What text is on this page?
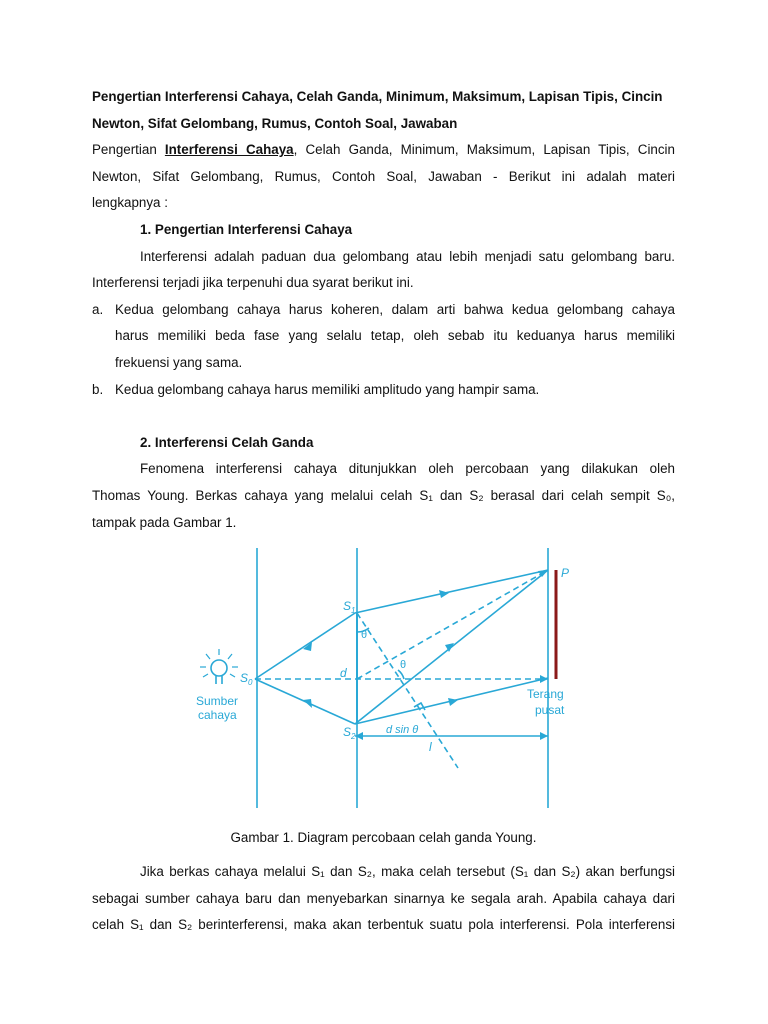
Pengertian Interferensi Cahaya, Celah Ganda, Minimum, Maksimum, Lapisan Tipis, Cincin
Newton, Sifat Gelombang, Rumus, Contoh Soal, Jawaban
Pengertian Interferensi Cahaya, Celah Ganda, Minimum, Maksimum, Lapisan Tipis, Cincin
Newton, Sifat Gelombang, Rumus, Contoh Soal, Jawaban - Berikut ini adalah materi
lengkapnya :
1. Pengertian Interferensi Cahaya
Interferensi adalah paduan dua gelombang atau lebih menjadi satu gelombang baru.
Interferensi terjadi jika terpenuhi dua syarat berikut ini.
a. Kedua gelombang cahaya harus koheren, dalam arti bahwa kedua gelombang cahaya
harus memiliki beda fase yang selalu tetap, oleh sebab itu keduanya harus memiliki
frekuensi yang sama.
b. Kedua gelombang cahaya harus memiliki amplitudo yang hampir sama.
2. Interferensi Celah Ganda
Fenomena interferensi cahaya ditunjukkan oleh percobaan yang dilakukan oleh
Thomas Young. Berkas cahaya yang melalui celah S₁ dan S₂ berasal dari celah sempit S₀,
tampak pada Gambar 1.
$S_0$
$S_1$
$S_2$
d
θ
θ
d sin θ
l
P
Terang
pusat
Sumber
cahaya
Gambar 1. Diagram percobaan celah ganda Young.
Jika berkas cahaya melalui S₁ dan S₂, maka celah tersebut (S₁ dan S₂) akan berfungsi
sebagai sumber cahaya baru dan menyebarkan sinarnya ke segala arah. Apabila cahaya dari
celah S₁ dan S₂ berinterferensi, maka akan terbentuk suatu pola interferensi. Pola interferensi
